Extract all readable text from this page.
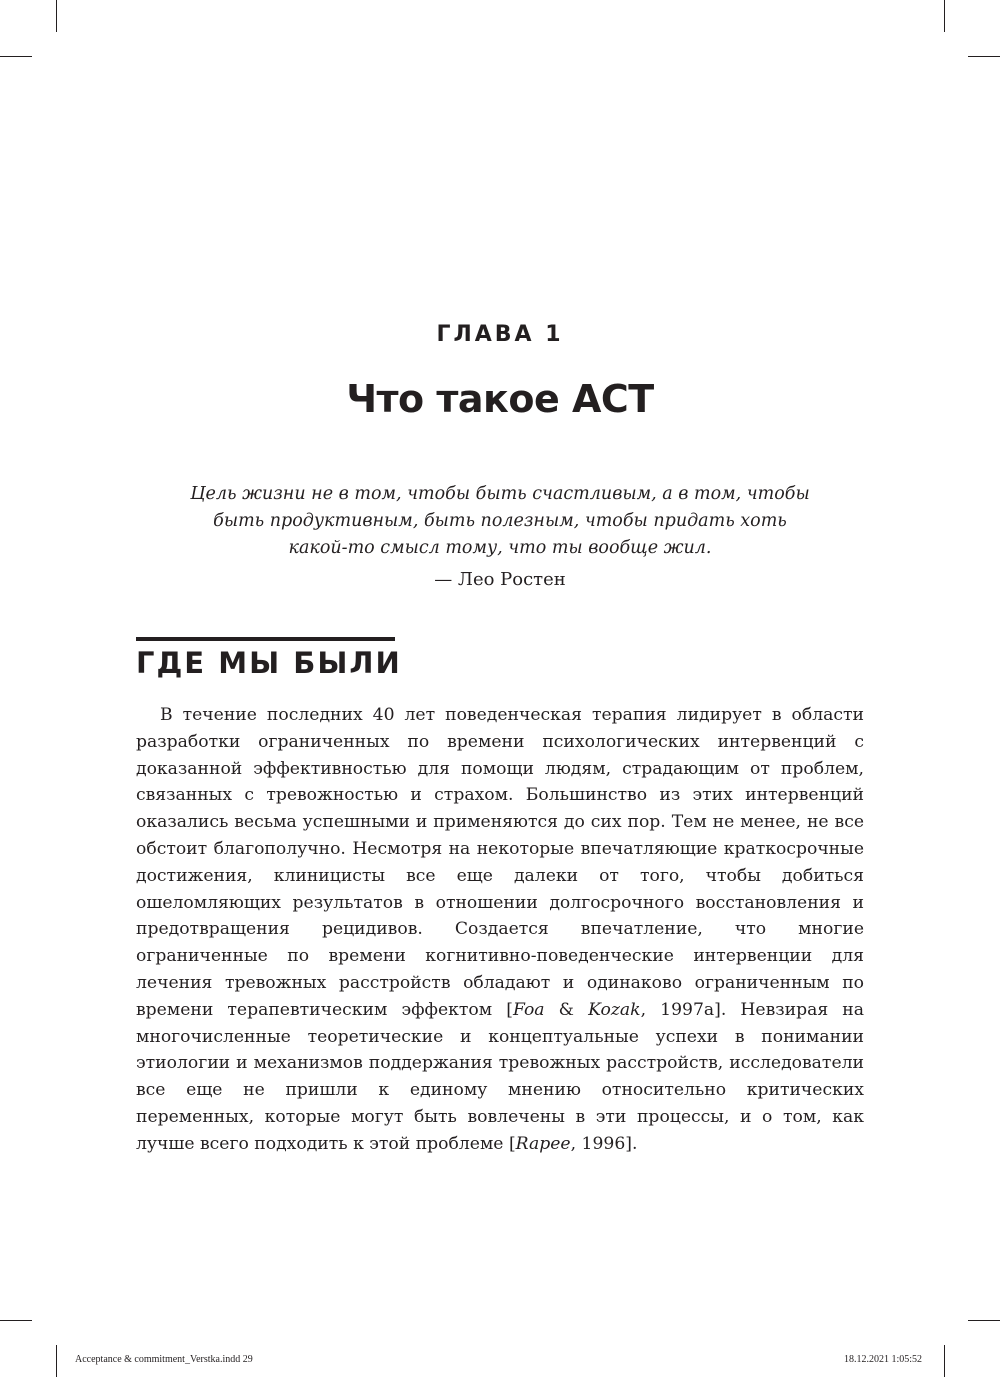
ГЛАВА 1
Что такое ACT

Цель жизни не в том, чтобы быть счастливым, а в том, чтобы
быть продуктивным, быть полезным, чтобы придать хоть
какой-то смысл тому, что ты вообще жил.

— Лео Ростен

ГДЕ МЫ БЫЛИ

В течение последних 40 лет поведенческая терапия лидирует в области разработки ограниченных по времени психологических интервенций с доказанной эффективностью для помощи людям, страдающим от проблем, связанных с тревожностью и страхом. Большинство из этих интервенций оказались весьма успешными и применяются до сих пор. Тем не менее, не все обстоит благополучно. Несмотря на некоторые впечатляющие краткосрочные достижения, клиницисты все еще далеки от того, чтобы добиться ошеломляющих результатов в отношении долгосрочного восстановления и предотвращения рецидивов. Создается впечатление, что многие ограниченные по времени когнитивно-поведенческие интервенции для лечения тревожных расстройств обладают и одинаково ограниченным по времени терапевтическим эффектом [Foa & Kozak, 1997a]. Невзирая на многочисленные теоретические и концептуальные успехи в понимании этиологии и механизмов поддержания тревожных расстройств, исследователи все еще не пришли к единому мнению относительно критических переменных, которые могут быть вовлечены в эти процессы, и о том, как лучше всего подходить к этой проблеме [Rapee, 1996].

Acceptance & commitment_Verstka.indd 29	18.12.2021 1:05:52
